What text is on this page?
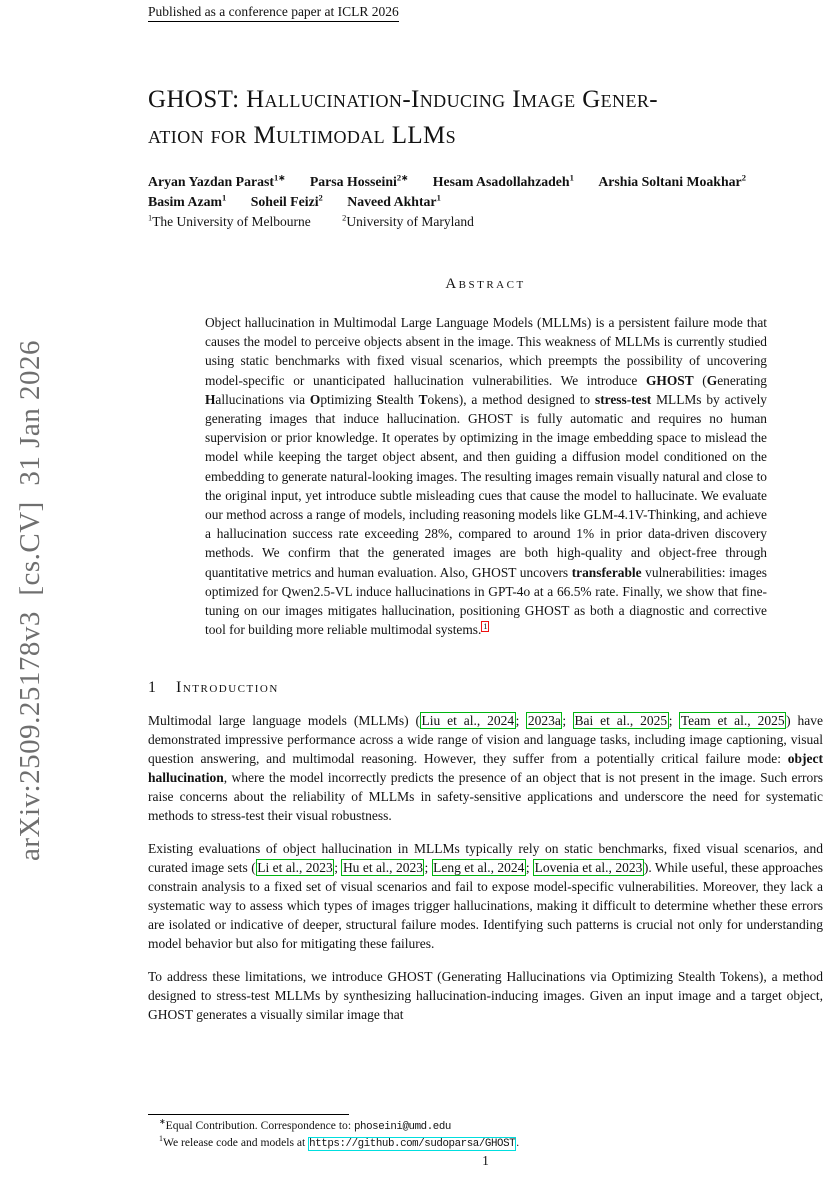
arXiv:2509.25178v3  [cs.CV]  31 Jan 2026
Published as a conference paper at ICLR 2026
GHOST: Hallucination-Inducing Image Gener-
ation for Multimodal LLMs
Aryan Yazdan Parast$^{1∗}$ Parsa Hosseini$^{2∗}$ Hesam Asadollahzadeh$^1$ Arshia Soltani Moakhar$^2$
Basim Azam$^1$ Soheil Feizi$^2$ Naveed Akhtar$^1$
$^1$The University of Melbourne	$^2$University of Maryland
Abstract
Object hallucination in Multimodal Large Language Models (MLLMs) is a persistent failure mode that causes the model to perceive objects absent in the image. This weakness of MLLMs is currently studied using static benchmarks with fixed visual scenarios, which preempts the possibility of uncovering model-specific or unanticipated hallucination vulnerabilities. We introduce GHOST (Generating Hallucinations via Optimizing Stealth Tokens), a method designed to stress-test MLLMs by actively generating images that induce hallucination. GHOST is fully automatic and requires no human supervision or prior knowledge. It operates by optimizing in the image embedding space to mislead the model while keeping the target object absent, and then guiding a diffusion model conditioned on the embedding to generate natural-looking images. The resulting images remain visually natural and close to the original input, yet introduce subtle misleading cues that cause the model to hallucinate. We evaluate our method across a range of models, including reasoning models like GLM-4.1V-Thinking, and achieve a hallucination success rate exceeding 28%, compared to around 1% in prior data-driven discovery methods. We confirm that the generated images are both high-quality and object-free through quantitative metrics and human evaluation. Also, GHOST uncovers transferable vulnerabilities: images optimized for Qwen2.5-VL induce hallucinations in GPT-4o at a 66.5% rate. Finally, we show that fine-tuning on our images mitigates hallucination, positioning GHOST as both a diagnostic and corrective tool for building more reliable multimodal systems. $^1$
1 Introduction
Multimodal large language models (MLLMs) ( Liu et al., 2024 ; 2023a ; Bai et al., 2025 ; Team et al., 2025 ) have demonstrated impressive performance across a wide range of vision and language tasks, including image captioning, visual question answering, and multimodal reasoning. However, they suffer from a potentially critical failure mode: object hallucination, where the model incorrectly predicts the presence of an object that is not present in the image. Such errors raise concerns about the reliability of MLLMs in safety-sensitive applications and underscore the need for systematic methods to stress-test their visual robustness.
Existing evaluations of object hallucination in MLLMs typically rely on static benchmarks, fixed visual scenarios, and curated image sets ( Li et al., 2023 ; Hu et al., 2023 ; Leng et al., 2024 ; Lovenia et al., 2023 ). While useful, these approaches constrain analysis to a fixed set of visual scenarios and fail to expose model-specific vulnerabilities. Moreover, they lack a systematic way to assess which types of images trigger hallucinations, making it difficult to determine whether these errors are isolated or indicative of deeper, structural failure modes. Identifying such patterns is crucial not only for understanding model behavior but also for mitigating these failures.
To address these limitations, we introduce GHOST (Generating Hallucinations via Optimizing Stealth Tokens), a method designed to stress-test MLLMs by synthesizing hallucination-inducing images. Given an input image and a target object, GHOST generates a visually similar image that
∗Equal Contribution. Correspondence to: phoseini@umd.edu
$^1$We release code and models at https://github.com/sudoparsa/GHOST.
1
